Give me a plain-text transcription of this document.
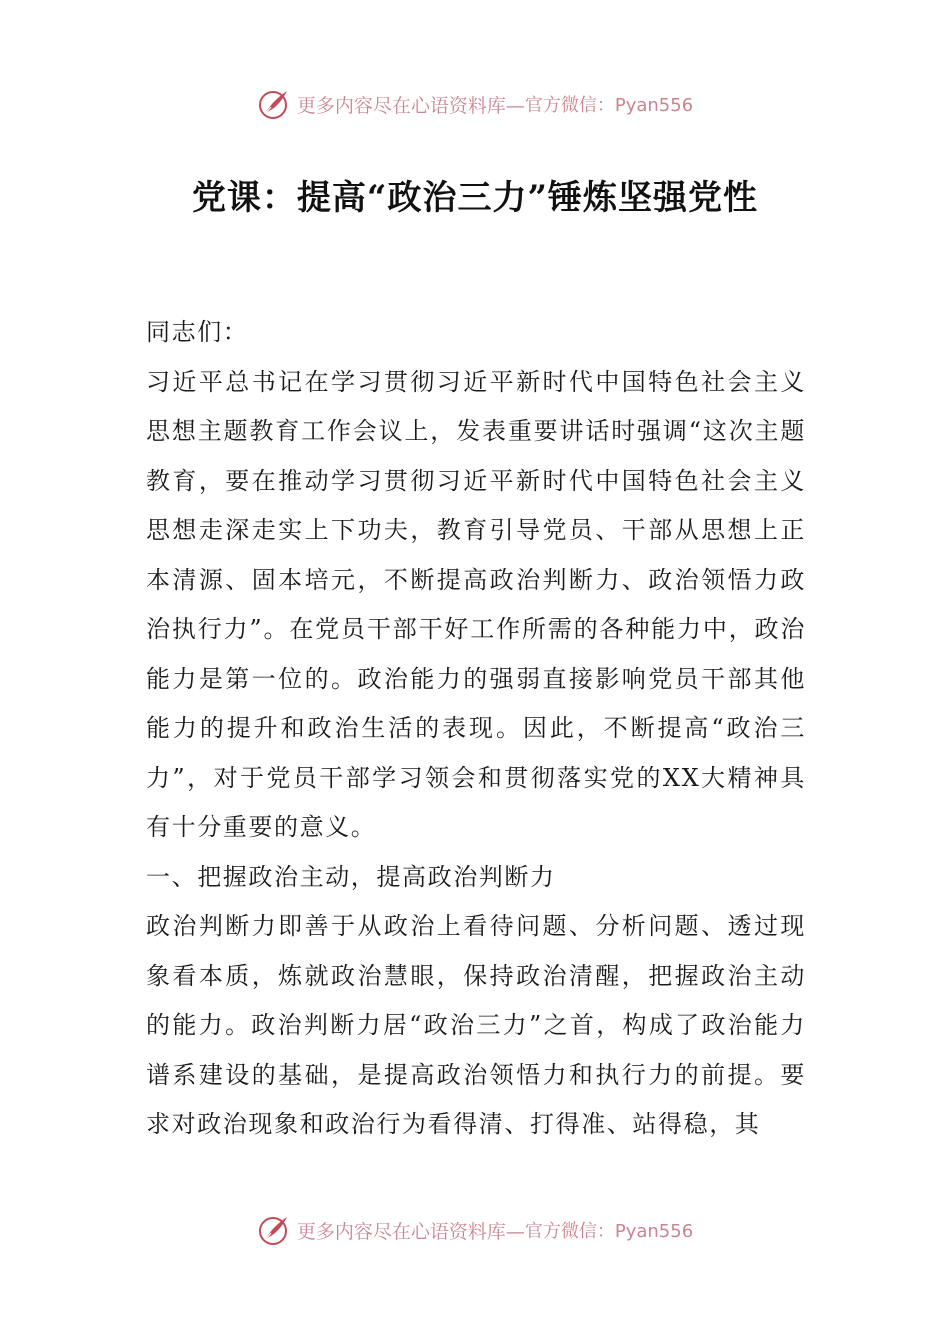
更多内容尽在心语资料库— 官方微信：Pyan556
党课：提高“政治三力”锤炼坚强党性

同志们：

习近平总书记在学习贯彻习近平新时代中国特色社会主义思想主题教育工作会议上，发表重要讲话时强调“这次主题教育，要在推动学习贯彻习近平新时代中国特色社会主义思想走深走实上下功夫，教育引导党员、干部从思想上正本清源、固本培元，不断提高政治判断力、政治领悟力政治执行力”。在党员干部干好工作所需的各种能力中，政治能力是第一位的。政治能力的强弱直接影响党员干部其他能力的提升和政治生活的表现。因此，不断提高“政治三力”，对于党员干部学习领会和贯彻落实党的XX大精神具有十分重要的意义。

一、把握政治主动，提高政治判断力

政治判断力即善于从政治上看待问题、分析问题、透过现象看本质，炼就政治慧眼，保持政治清醒，把握政治主动的能力。政治判断力居“政治三力”之首，构成了政治能力谱系建设的基础，是提高政治领悟力和执行力的前提。要求对政治现象和政治行为看得清、打得准、站得稳，其

更多内容尽在心语资料库— 官方微信：Pyan556
